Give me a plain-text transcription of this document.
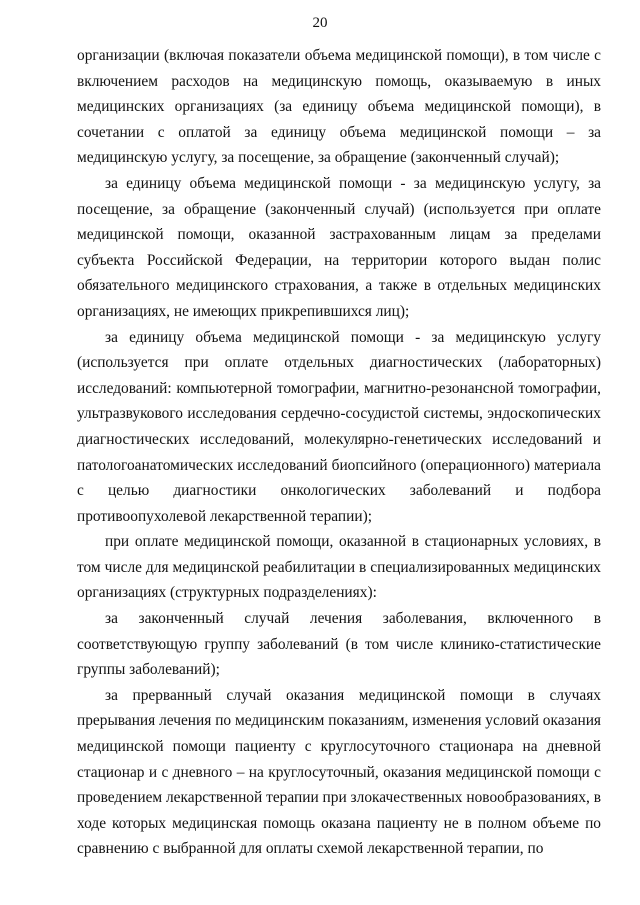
20

организации (включая показатели объема медицинской помощи), в том числе с включением расходов на медицинскую помощь, оказываемую в иных медицинских организациях (за единицу объема медицинской помощи), в сочетании с оплатой за единицу объема медицинской помощи – за медицинскую услугу, за посещение, за обращение (законченный случай);

за единицу объема медицинской помощи - за медицинскую услугу, за посещение, за обращение (законченный случай) (используется при оплате медицинской помощи, оказанной застрахованным лицам за пределами субъекта Российской Федерации, на территории которого выдан полис обязательного медицинского страхования, а также в отдельных медицинских организациях, не имеющих прикрепившихся лиц);

за единицу объема медицинской помощи - за медицинскую услугу (используется при оплате отдельных диагностических (лабораторных) исследований: компьютерной томографии, магнитно-резонансной томографии, ультразвукового исследования сердечно-сосудистой системы, эндоскопических диагностических исследований, молекулярно-генетических исследований и патологоанатомических исследований биопсийного (операционного) материала с целью диагностики онкологических заболеваний и подбора противоопухолевой лекарственной терапии);

при оплате медицинской помощи, оказанной в стационарных условиях, в том числе для медицинской реабилитации в специализированных медицинских организациях (структурных подразделениях):

за законченный случай лечения заболевания, включенного в соответствующую группу заболеваний (в том числе клинико-статистические группы заболеваний);

за прерванный случай оказания медицинской помощи в случаях прерывания лечения по медицинским показаниям, изменения условий оказания медицинской помощи пациенту с круглосуточного стационара на дневной стационар и с дневного – на круглосуточный, оказания медицинской помощи с проведением лекарственной терапии при злокачественных новообразованиях, в ходе которых медицинская помощь оказана пациенту не в полном объеме по сравнению с выбранной для оплаты схемой лекарственной терапии, по
